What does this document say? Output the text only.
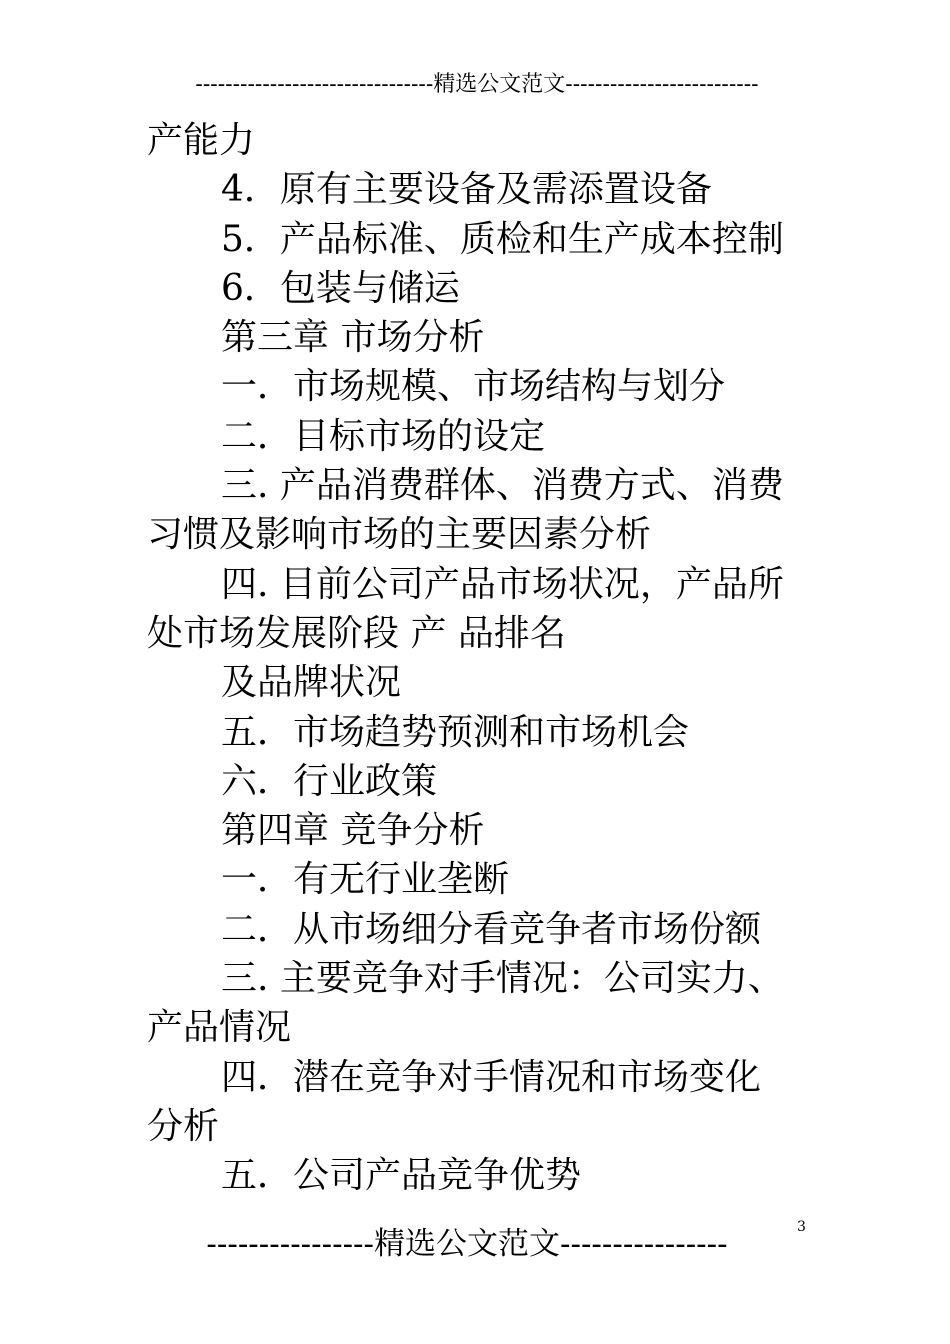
--------------------------------精选公文范文--------------------------
产能力
4．原有主要设备及需添置设备
5．产品标准、质检和生产成本控制
6．包装与储运
第三章 市场分析
一．市场规模、市场结构与划分
二．目标市场的设定
三. 产品消费群体、消费方式、消费
习惯及影响市场的主要因素分析
四. 目前公司产品市场状况，产品所
处市场发展阶段 产 品排名
及品牌状况
五．市场趋势预测和市场机会
六．行业政策
第四章 竞争分析
一．有无行业垄断
二．从市场细分看竞争者市场份额
三. 主要竞争对手情况：公司实力、
产品情况
四．潜在竞争对手情况和市场变化
分析
五．公司产品竞争优势
----------------精选公文范文----------------	3
